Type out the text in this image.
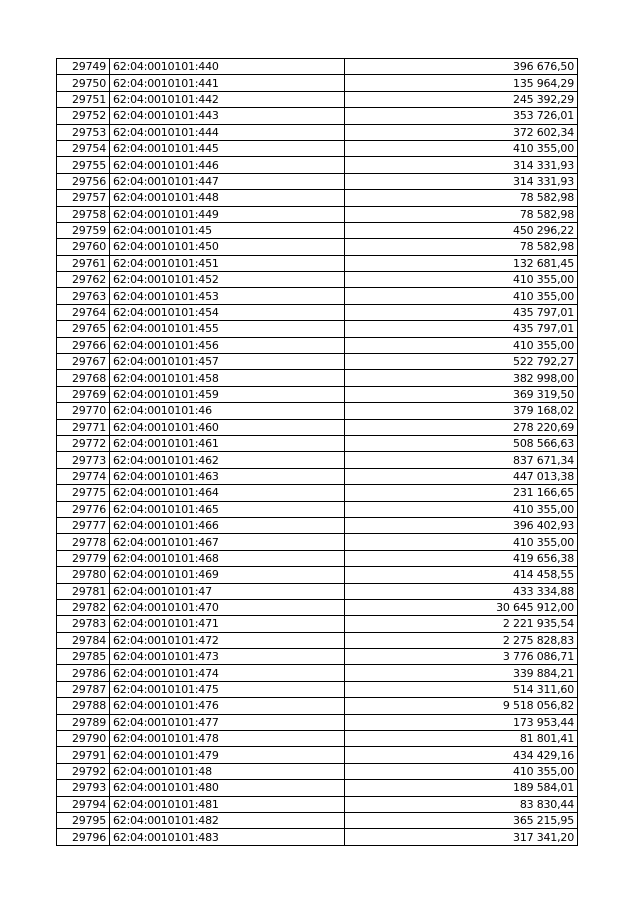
29749	62:04:0010101:440	396 676,50
29750	62:04:0010101:441	135 964,29
29751	62:04:0010101:442	245 392,29
29752	62:04:0010101:443	353 726,01
29753	62:04:0010101:444	372 602,34
29754	62:04:0010101:445	410 355,00
29755	62:04:0010101:446	314 331,93
29756	62:04:0010101:447	314 331,93
29757	62:04:0010101:448	78 582,98
29758	62:04:0010101:449	78 582,98
29759	62:04:0010101:45	450 296,22
29760	62:04:0010101:450	78 582,98
29761	62:04:0010101:451	132 681,45
29762	62:04:0010101:452	410 355,00
29763	62:04:0010101:453	410 355,00
29764	62:04:0010101:454	435 797,01
29765	62:04:0010101:455	435 797,01
29766	62:04:0010101:456	410 355,00
29767	62:04:0010101:457	522 792,27
29768	62:04:0010101:458	382 998,00
29769	62:04:0010101:459	369 319,50
29770	62:04:0010101:46	379 168,02
29771	62:04:0010101:460	278 220,69
29772	62:04:0010101:461	508 566,63
29773	62:04:0010101:462	837 671,34
29774	62:04:0010101:463	447 013,38
29775	62:04:0010101:464	231 166,65
29776	62:04:0010101:465	410 355,00
29777	62:04:0010101:466	396 402,93
29778	62:04:0010101:467	410 355,00
29779	62:04:0010101:468	419 656,38
29780	62:04:0010101:469	414 458,55
29781	62:04:0010101:47	433 334,88
29782	62:04:0010101:470	30 645 912,00
29783	62:04:0010101:471	2 221 935,54
29784	62:04:0010101:472	2 275 828,83
29785	62:04:0010101:473	3 776 086,71
29786	62:04:0010101:474	339 884,21
29787	62:04:0010101:475	514 311,60
29788	62:04:0010101:476	9 518 056,82
29789	62:04:0010101:477	173 953,44
29790	62:04:0010101:478	81 801,41
29791	62:04:0010101:479	434 429,16
29792	62:04:0010101:48	410 355,00
29793	62:04:0010101:480	189 584,01
29794	62:04:0010101:481	83 830,44
29795	62:04:0010101:482	365 215,95
29796	62:04:0010101:483	317 341,20
